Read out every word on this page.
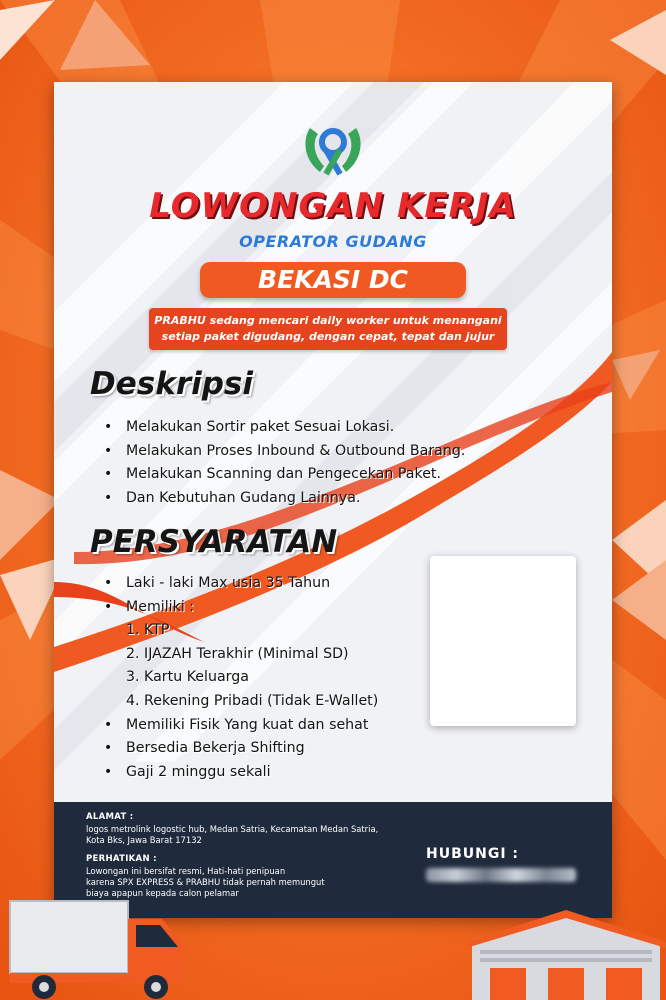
LOWONGAN KERJA
OPERATOR GUDANG
BEKASI DC
PRABHU sedang mencari daily worker untuk menangani
setiap paket digudang, dengan cepat, tepat dan jujur
Deskripsi
• Melakukan Sortir paket Sesuai Lokasi.
• Melakukan Proses Inbound & Outbound Barang.
• Melakukan Scanning dan Pengecekan Paket.
• Dan Kebutuhan Gudang Lainnya.
PERSYARATAN
• Laki - laki Max usia 35 Tahun
• Memiliki :
1. KTP
2. IJAZAH Terakhir (Minimal SD)
3. Kartu Keluarga
4. Rekening Pribadi (Tidak E-Wallet)
• Memiliki Fisik Yang kuat dan sehat
• Bersedia Bekerja Shifting
• Gaji 2 minggu sekali
ALAMAT :
logos metrolink logostic hub, Medan Satria, Kecamatan Medan Satria,
Kota Bks, Jawa Barat 17132
PERHATIKAN :
Lowongan ini bersifat resmi, Hati-hati penipuan
karena SPX EXPRESS & PRABHU tidak pernah memungut
biaya apapun kepada calon pelamar
HUBUNGI :
